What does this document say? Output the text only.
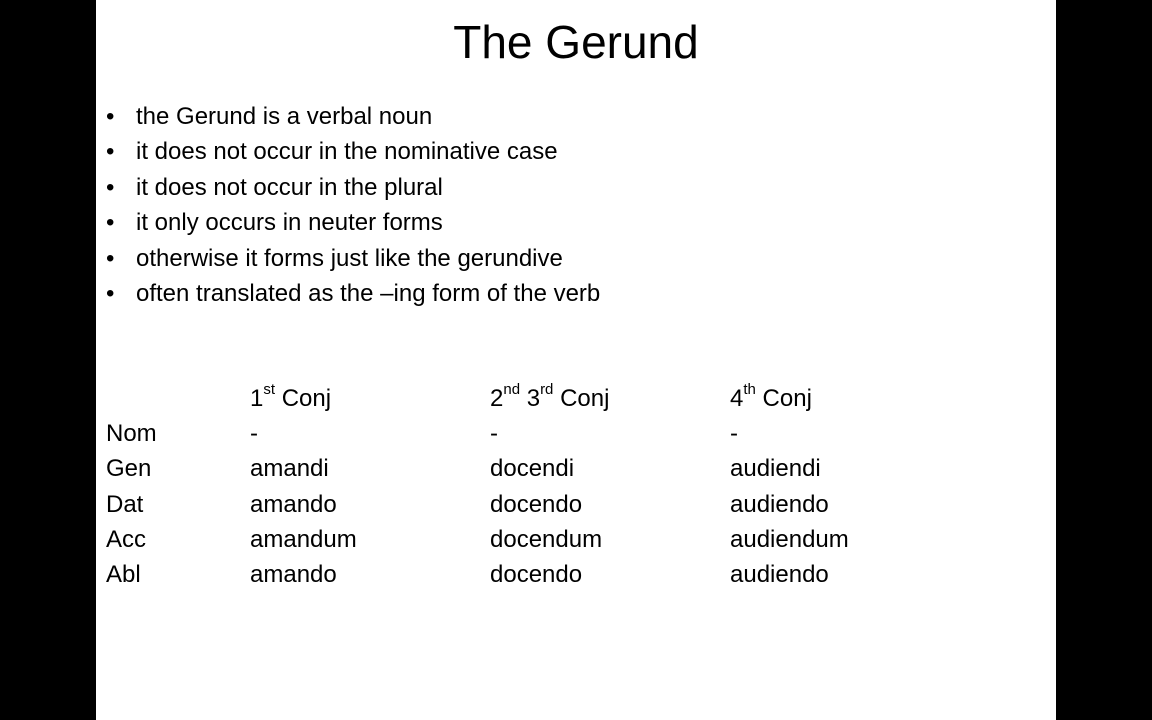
The Gerund
• the Gerund is a verbal noun
• it does not occur in the nominative case
• it does not occur in the plural
• it only occurs in neuter forms
• otherwise it forms just like the gerundive
• often translated as the –ing form of the verb
	1st Conj	2nd 3rd Conj	4th Conj
Nom	-	-	-
Gen	amandi	docendi	audiendi
Dat	amando	docendo	audiendo
Acc	amandum	docendum	audiendum
Abl	amando	docendo	audiendo
